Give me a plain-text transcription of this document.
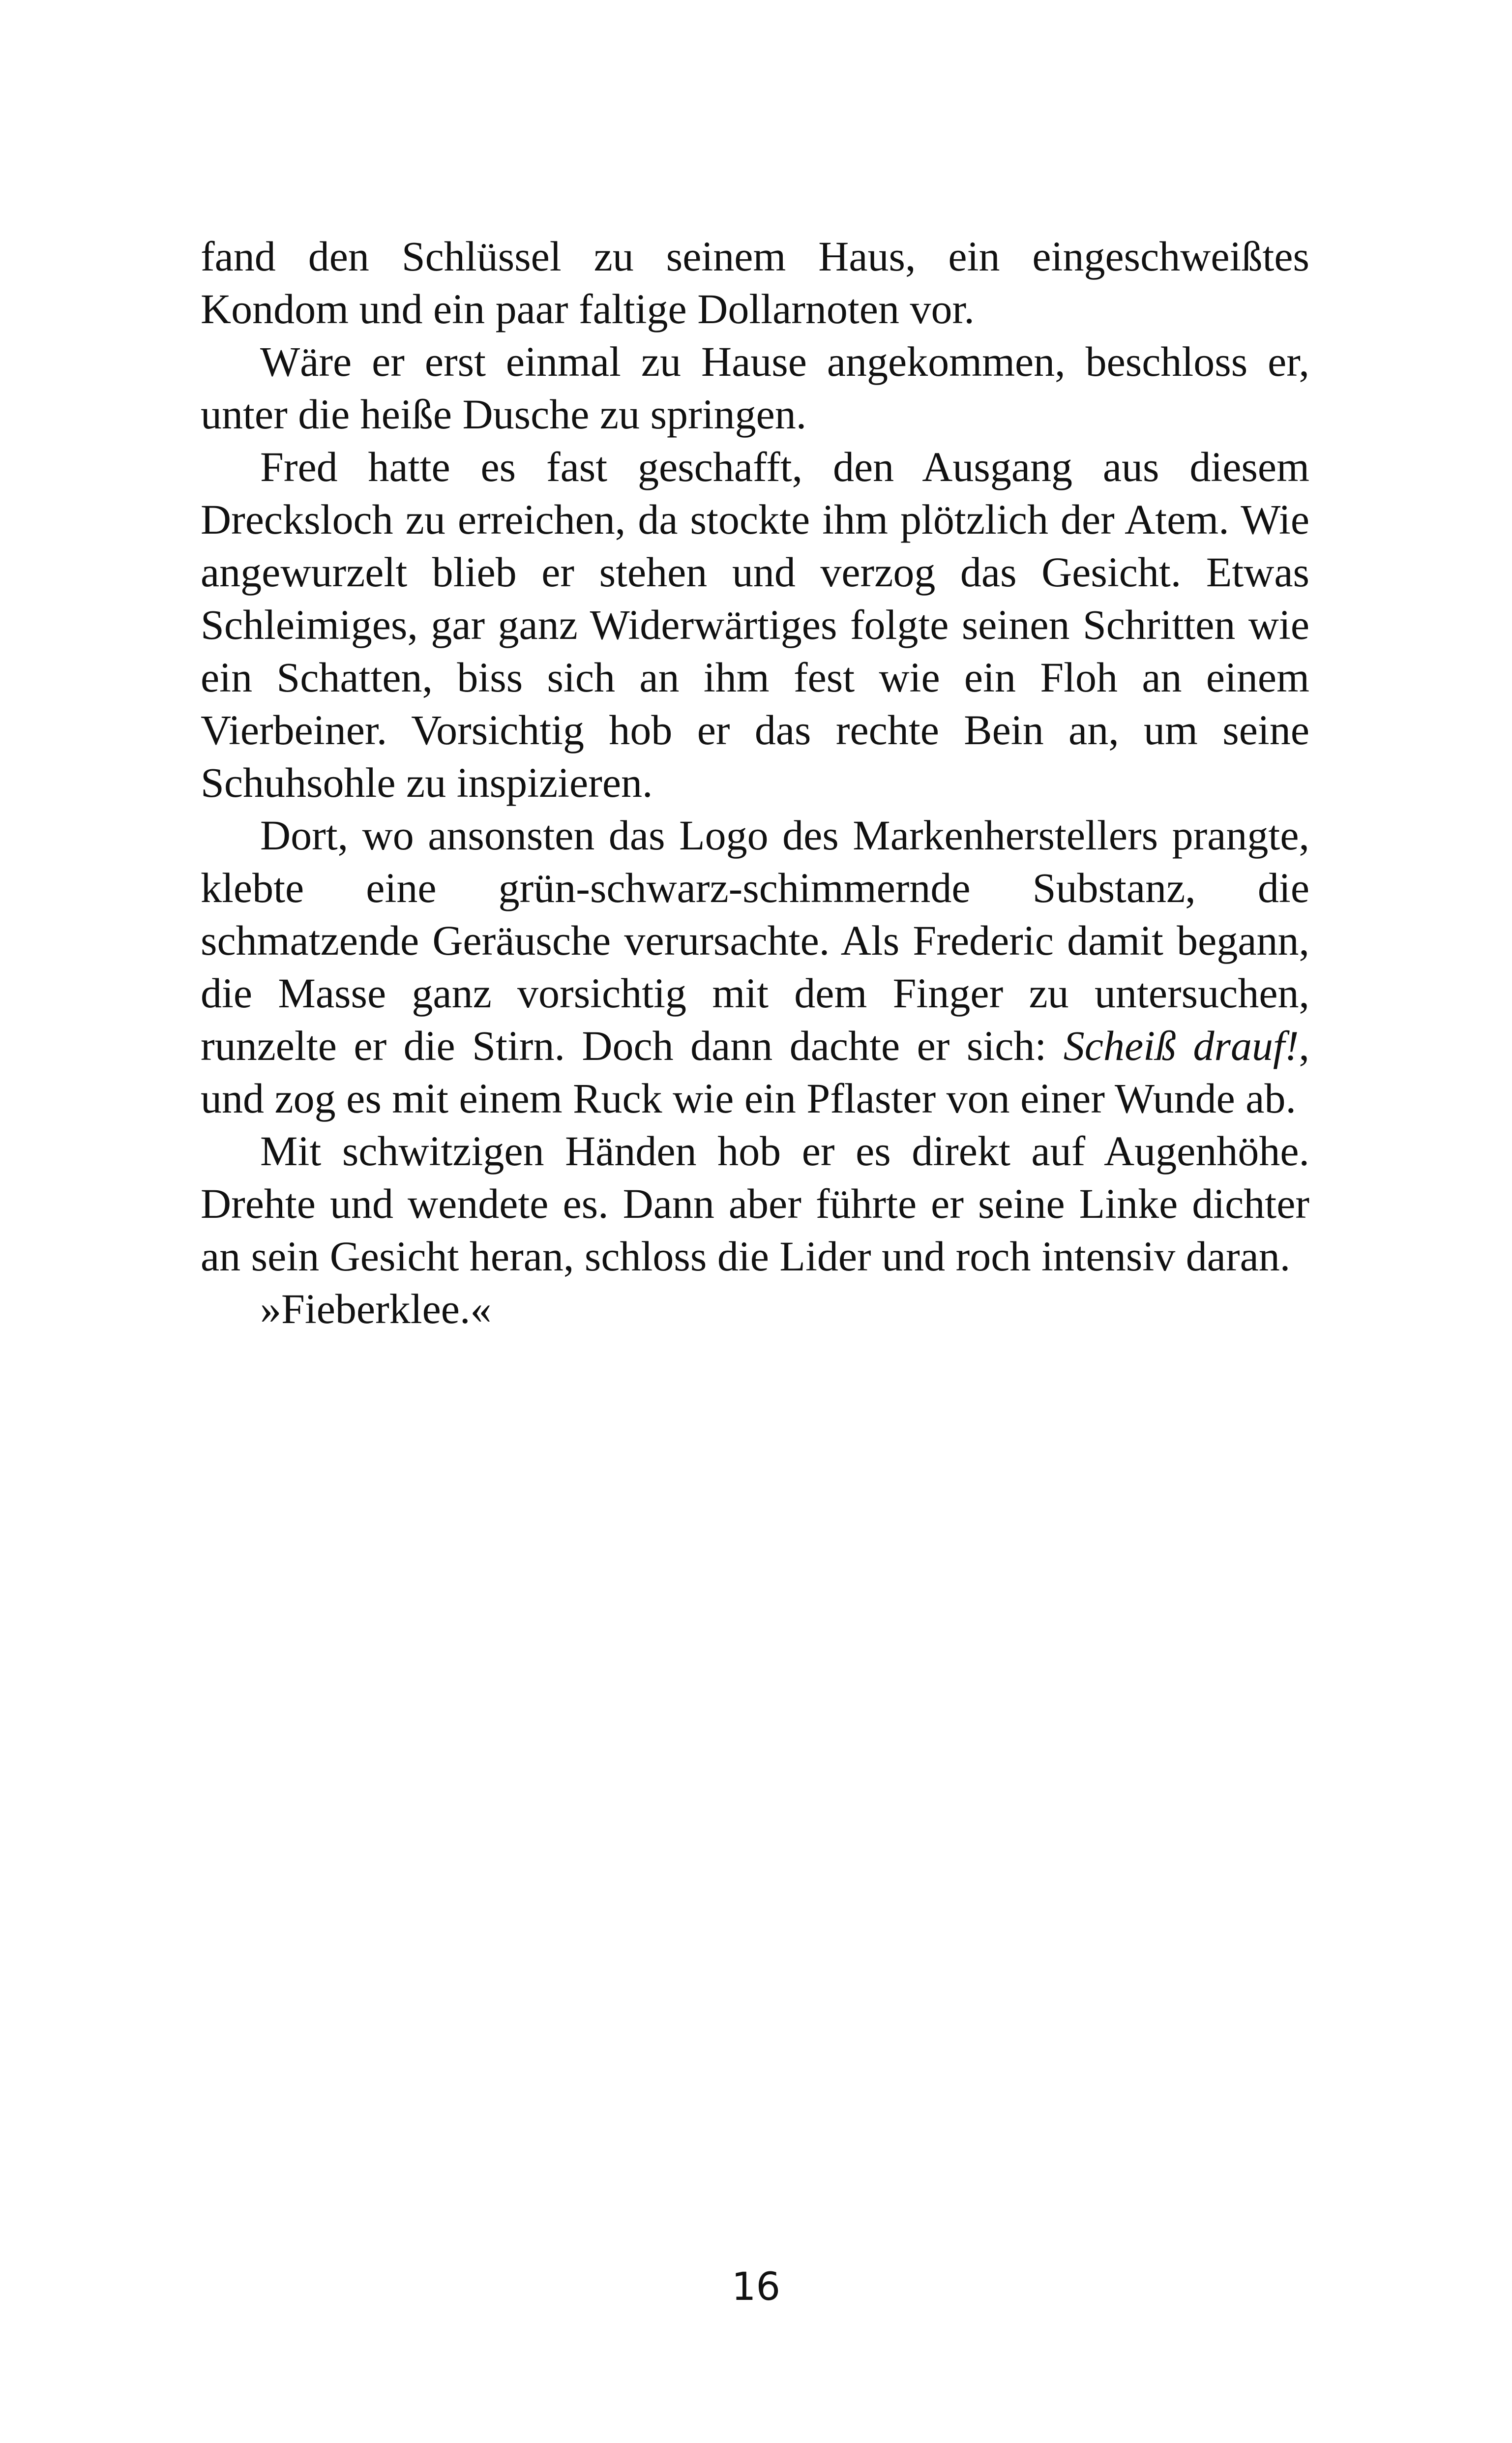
fand den Schlüssel zu seinem Haus, ein eingeschweißtes Kondom und ein paar faltige Dollarnoten vor.

Wäre er erst einmal zu Hause angekommen, beschloss er, unter die heiße Dusche zu springen.

Fred hatte es fast geschafft, den Ausgang aus diesem Drecksloch zu erreichen, da stockte ihm plötzlich der Atem. Wie angewurzelt blieb er stehen und verzog das Gesicht. Etwas Schleimiges, gar ganz Widerwärtiges folgte seinen Schritten wie ein Schatten, biss sich an ihm fest wie ein Floh an einem Vierbeiner. Vorsichtig hob er das rechte Bein an, um seine Schuhsohle zu inspizieren.

Dort, wo ansonsten das Logo des Markenherstellers prangte, klebte eine grün-schwarz-schimmernde Substanz, die schmatzende Geräusche verursachte. Als Frederic damit begann, die Masse ganz vorsichtig mit dem Finger zu untersuchen, runzelte er die Stirn. Doch dann dachte er sich: Scheiß drauf!, und zog es mit einem Ruck wie ein Pflaster von einer Wunde ab.

Mit schwitzigen Händen hob er es direkt auf Augenhöhe. Drehte und wendete es. Dann aber führte er seine Linke dichter an sein Gesicht heran, schloss die Lider und roch intensiv daran.

»Fieberklee.«

16
